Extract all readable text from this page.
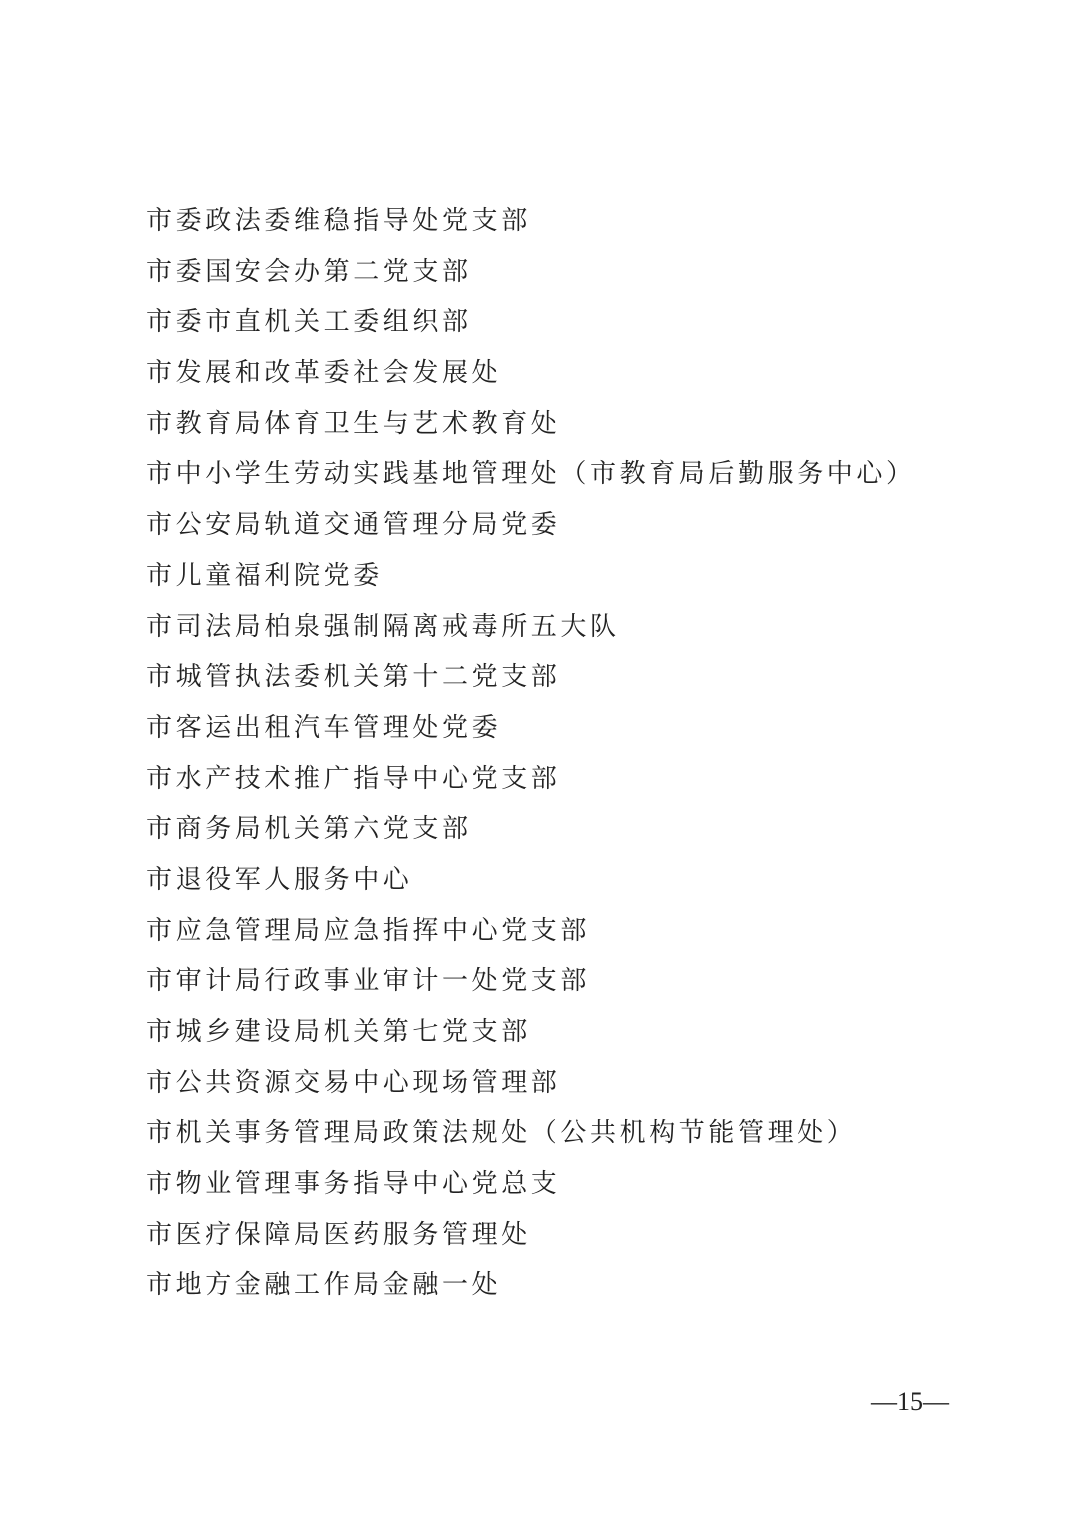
市委政法委维稳指导处党支部
市委国安会办第二党支部
市委市直机关工委组织部
市发展和改革委社会发展处
市教育局体育卫生与艺术教育处
市中小学生劳动实践基地管理处（市教育局后勤服务中心）
市公安局轨道交通管理分局党委
市儿童福利院党委
市司法局柏泉强制隔离戒毒所五大队
市城管执法委机关第十二党支部
市客运出租汽车管理处党委
市水产技术推广指导中心党支部
市商务局机关第六党支部
市退役军人服务中心
市应急管理局应急指挥中心党支部
市审计局行政事业审计一处党支部
市城乡建设局机关第七党支部
市公共资源交易中心现场管理部
市机关事务管理局政策法规处（公共机构节能管理处）
市物业管理事务指导中心党总支
市医疗保障局医药服务管理处
市地方金融工作局金融一处
—15—
